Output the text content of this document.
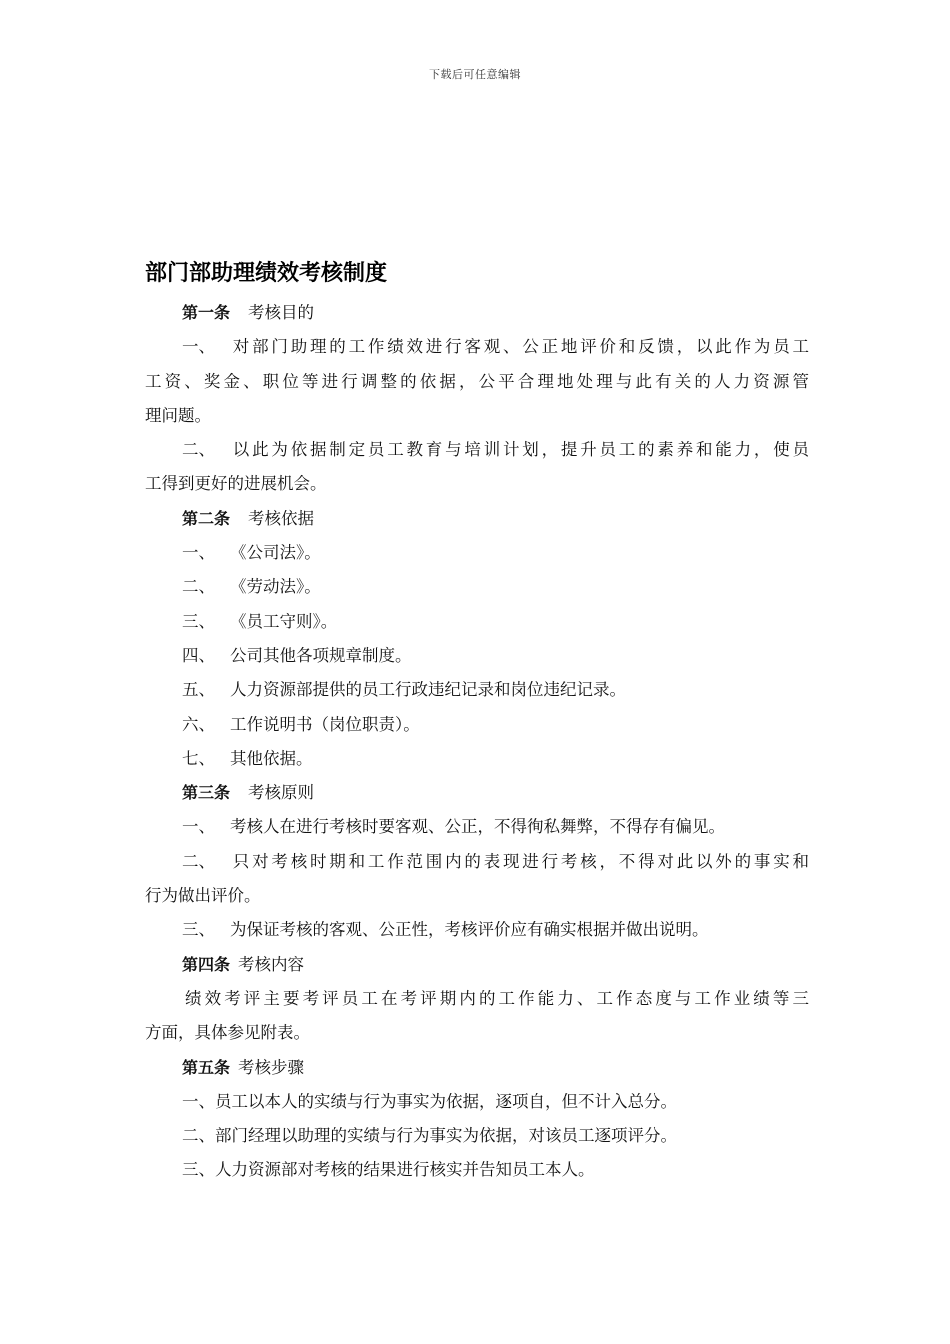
下载后可任意编辑
部门部助理绩效考核制度
第一条 考核目的
一、 对部门助理的工作绩效进行客观、公正地评价和反馈，以此作为员工
工资、奖金、职位等进行调整的依据，公平合理地处理与此有关的人力资源管
理问题。
二、 以此为依据制定员工教育与培训计划，提升员工的素养和能力，使员
工得到更好的进展机会。
第二条 考核依据
一、 《公司法》。
二、 《劳动法》。
三、 《员工守则》。
四、 公司其他各项规章制度。
五、 人力资源部提供的员工行政违纪记录和岗位违纪记录。
六、 工作说明书（岗位职责）。
七、 其他依据。
第三条 考核原则
一、 考核人在进行考核时要客观、公正，不得徇私舞弊，不得存有偏见。
二、 只对考核时期和工作范围内的表现进行考核，不得对此以外的事实和
行为做出评价。
三、 为保证考核的客观、公正性，考核评价应有确实根据并做出说明。
第四条 考核内容
绩效考评主要考评员工在考评期内的工作能力、工作态度与工作业绩等三
方面，具体参见附表。
第五条 考核步骤
一、员工以本人的实绩与行为事实为依据，逐项自，但不计入总分。
二、部门经理以助理的实绩与行为事实为依据，对该员工逐项评分。
三、人力资源部对考核的结果进行核实并告知员工本人。
